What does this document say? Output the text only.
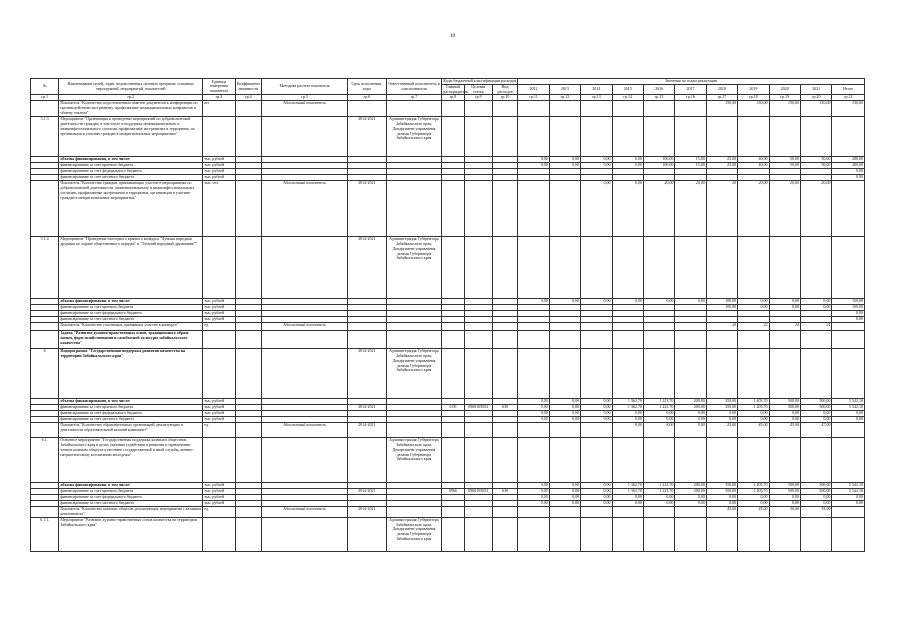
10
№	Наименование целей, задач, ведомственных целевых программ, основных мероприятий, мероприятий, показателей	Единица измерения показателя	Коэффициент значимости	Методика расчета показателя	Срок исполнения, годы	Ответственный исполнитель и соисполнители	Коды бюджетной классификации расходов			Значения по годам реализации										
							Главный распорядитель	Целевая статья	Вид расходов	2012	2013	2014	2015	2016	2017	2018	2019	2020	2021	Итого
гр.1	гр.2	гр.3	гр.4	гр.5	гр.6	гр.7	гр.8	гр.9	гр.10	гр.11	гр.12	гр.13	гр.14	гр.15	гр.16	гр.17	гр.18	гр.19	гр.20	гр.21
	Показатель "Количество подготовленных пакетов документов к конференции по противодействию экстремизму, профилактике межнациональных конфликтов и обмену опытом"	шт		Абсолютный показатель												150,00	150,00	150,00	150,00	150,00
5.1.3	Мероприятие "Организация и проведение мероприятий по добровольческой деятельности граждан, в том числе в поддержку межнационального и межконфессионального согласия, профилактике экстремизма и терроризма, по организации и участию граждан в межрегиональных мероприятиях"				2014-2021	Администрация Губернатора Забайкальского края, Департамент управления делами Губернатора Забайкальского края														
	объемы финансирования, в том числе:	тыс. рублей								0,00	0,00	0,00	0,00	100,00	15,00	25,00	40,00	50,00	50,00	280,00
	финансирование за счет краевого бюджета	тыс. рублей								0,00	0,00	0,00	0,00	100,00	15,00	25,00	40,00	50,00	50,00	280,00
	финансирование за счет федерального бюджета	тыс. рублей																		0,00
	финансирование за счет местного бюджета	тыс. рублей																		0,00
	Показатель "Количество граждан, принимающих участие в мероприятиях по добровольческой деятельности, межнациональному и межконфессиональному согласию, профилактике экстремизма и терроризма, организации и участию граждан в межрегиональных мероприятиях"	тыс. чел.		Абсолютный показатель	2014-2021							0,00	0,00	20,00	20,00	20	20,00	20,00	20,00	
5.1.4	Мероприятие "Проведение ежегодного краевого конкурса "Лучшая народная дружина по охране общественного порядка" и "Лучший народный дружинник""				2014-2021	Администрация Губернатора Забайкальского края, Департамент управления делами Губернатора Забайкальского края														
	объемы финансирования, в том числе:	тыс. рублей								0,00	0,00	0,00	0,00	0,00	0,00	100,00	0,00	0,00	0,00	100,00
	финансирование за счет краевого бюджета	тыс. рублей														100,00	0,00	0,00	0,00	100,00
	финансирование за счет федерального бюджета	тыс. рублей																		0,00
	финансирование за счет местного бюджета	тыс. рублей																		0,00
	Показатель "Количество участников, принявших участие в конкурсе"	ед.		Абсолютный показатель												20	22	24	24	
	Задача "Развитие духовно-нравственных основ, традиционного образа жизни, форм хозяйствования и самобытной культуры забайкальского казачества"																			
6	Подпрограмма "Государственная поддержка развития казачества на территории Забайкальского края"				2014-2021	Администрация Губернатора Забайкальского края, Департамент управления делами Губернатора Забайкальского края														
	объемы финансирования, в том числе:	тыс. рублей								0,00	0,00	0,00	1 362,70	1 223,70	200,00	350,00	1 405,70	500,00	500,00	5 542,10
	финансирование за счет краевого бюджета	тыс. рублей			2014-2021		0,00	0960105052	630	0,00	0,00	0,00	1 362,70	1 223,70	200,00	350,00	1 405,70	500,00	500,00	5 542,10
	финансирование за счет федерального бюджета	тыс. рублей								0,00	0,00	0,00	0,00	0,00	0,00	0,00	0,00	0,00	0,00	0,00
	финансирование за счет местного бюджета	тыс. рублей								0,00	0,00	0,00	0,00	0,00	0,00	0,00	0,00	0,00	0,00	0,00
	Показатель "Количество образовательных организаций, реализующих в деятельности образовательной казачий компонент"	ед.		Абсолютный показатель	2014-2021								8,00	8,00	9,00	25,00	45,00	45,00	47,00	
6.1.	Основное мероприятие "Государственная поддержка казачьим обществам Забайкальского края в целях оказания содействия в развитии и привлечении членов казачьих обществ к несению государственной и иной службы, военно-патриотическому воспитанию молодежи"					Администрация Губернатора Забайкальского края, Департамент управления делами Губернатора Забайкальского края														
	объемы финансирования, в том числе:	тыс. рублей								0,00	0,00	0,00	1 362,70	1 223,70	200,00	350,00	1 405,70	500,00	500,00	5 542,10
	финансирование за счет краевого бюджета	тыс. рублей			2014-2021		0966	0960105052	630	0,00	0,00	0,00	1 362,70	1 223,70	200,00	350,00	1 405,70	500,00	500,00	5 542,10
	финансирование за счет федерального бюджета	тыс. рублей								0,00	0,00	0,00	0,00	0,00	0,00	0,00	0,00	0,00	0,00	0,00
	финансирование за счет местного бюджета	тыс. рублей								0,00	0,00	0,00	0,00	0,00	0,00	0,00	0,00	0,00	0,00	0,00
	Показатель "Количество казачьих обществ, реализующих мероприятия с казачьим компонентом"	ед.		Абсолютный показатель	2014-2021											45,00	45,00	50,00	55,00	
6.1.1.	Мероприятие "Развитие духовно-нравственных основ казачества на территории Забайкальского края"					Администрация Губернатора Забайкальского края, Департамент управления делами Губернатора Забайкальского края														
